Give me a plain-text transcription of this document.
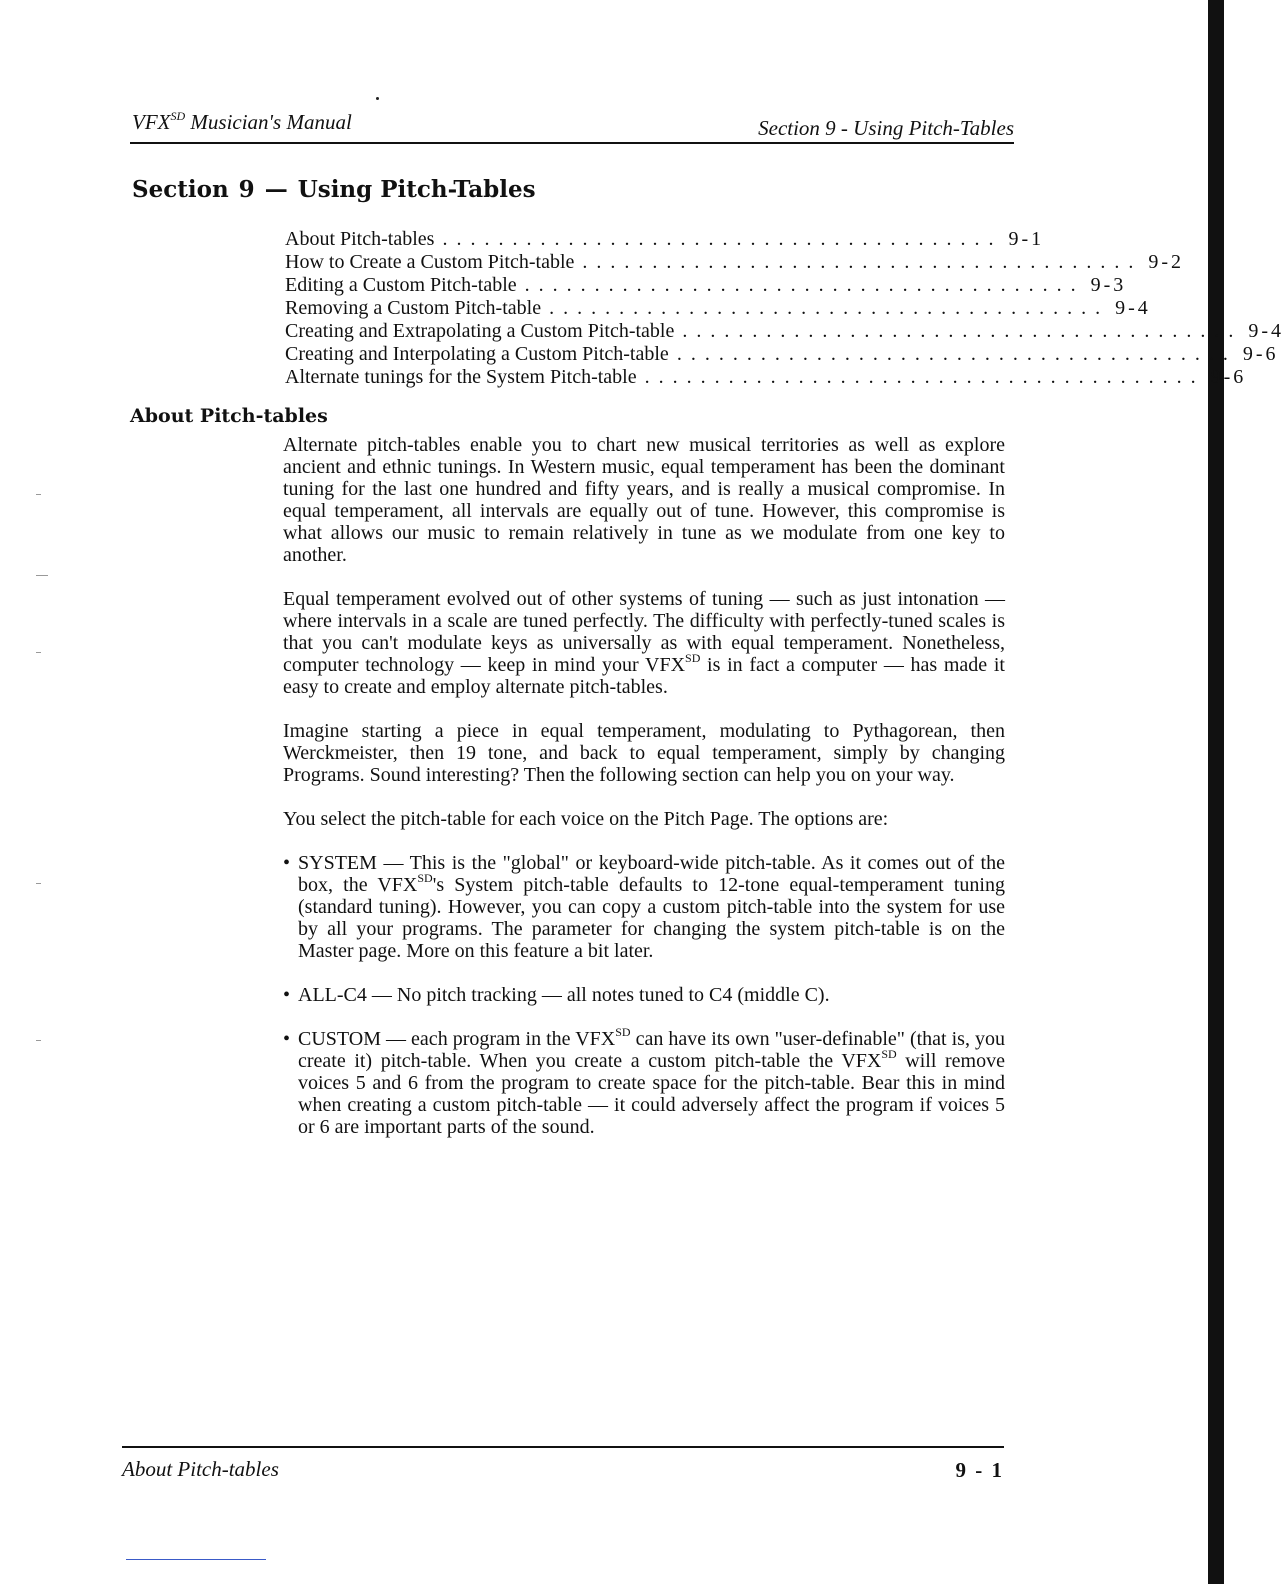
$VFX^{SD}$ Musician's Manual	Section 9 - Using Pitch-Tables
Section 9 — Using Pitch-Tables
About Pitch-tables ........................................ 9-1
How to Create a Custom Pitch-table ........................................ 9-2
Editing a Custom Pitch-table ........................................ 9-3
Removing a Custom Pitch-table ........................................ 9-4
Creating and Extrapolating a Custom Pitch-table ........................................ 9-4
Creating and Interpolating a Custom Pitch-table ........................................ 9-6
Alternate tunings for the System Pitch-table ........................................ 9-6
About Pitch-tables

Alternate pitch-tables enable you to chart new musical territories as well as explore ancient and ethnic tunings. In Western music, equal temperament has been the dominant tuning for the last one hundred and fifty years, and is really a musical compromise. In equal temperament, all intervals are equally out of tune. However, this compromise is what allows our music to remain relatively in tune as we modulate from one key to another.

Equal temperament evolved out of other systems of tuning — such as just intonation — where intervals in a scale are tuned perfectly. The difficulty with perfectly-tuned scales is that you can't modulate keys as universally as with equal temperament. Nonetheless, computer technology — keep in mind your $VFX^{SD}$ is in fact a computer — has made it easy to create and employ alternate pitch-tables.

Imagine starting a piece in equal temperament, modulating to Pythagorean, then Werckmeister, then 19 tone, and back to equal temperament, simply by changing Programs. Sound interesting? Then the following section can help you on your way.

You select the pitch-table for each voice on the Pitch Page. The options are:

• SYSTEM — This is the "global" or keyboard-wide pitch-table. As it comes out of the box, the $VFX^{SD}'s$ System pitch-table defaults to 12-tone equal-temperament tuning (standard tuning). However, you can copy a custom pitch-table into the system for use by all your programs. The parameter for changing the system pitch-table is on the Master page. More on this feature a bit later.
• ALL-C4 — No pitch tracking — all notes tuned to C4 (middle C).
• CUSTOM — each program in the $VFX^{SD}$ can have its own "user-definable" (that is, you create it) pitch-table. When you create a custom pitch-table the $VFX^{SD}$ will remove voices 5 and 6 from the program to create space for the pitch-table. Bear this in mind when creating a custom pitch-table — it could adversely affect the program if voices 5 or 6 are important parts of the sound.
About Pitch-tables	9 - 1
